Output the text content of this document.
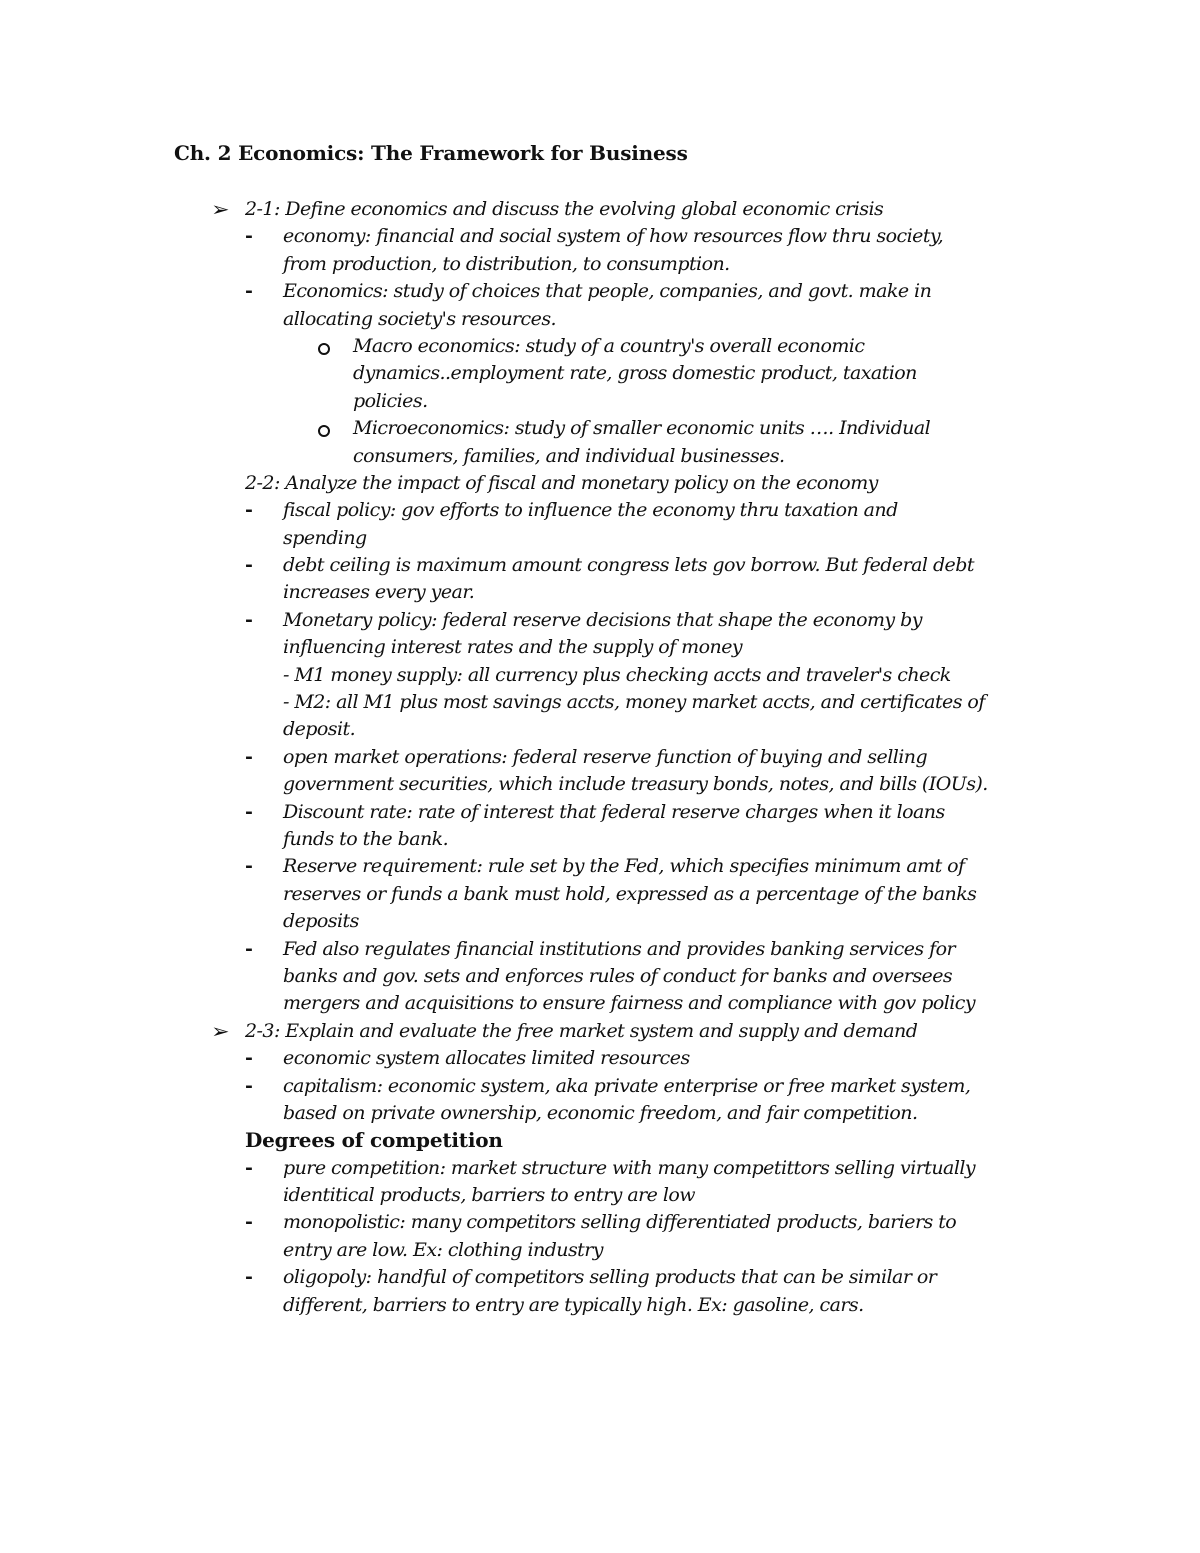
Ch. 2 Economics: The Framework for Business
➢ 2-1: Define economics and discuss the evolving global economic crisis
- economy: financial and social system of how resources flow thru society,
from production, to distribution, to consumption.
- Economics: study of choices that people, companies, and govt. make in
allocating society's resources.
Macro economics: study of a country's overall economic
dynamics..employment rate, gross domestic product, taxation
policies.
Microeconomics: study of smaller economic units …. Individual
consumers, families, and individual businesses.
2-2: Analyze the impact of fiscal and monetary policy on the economy
- fiscal policy: gov efforts to influence the economy thru taxation and
spending
- debt ceiling is maximum amount congress lets gov borrow. But federal debt
increases every year.
- Monetary policy: federal reserve decisions that shape the economy by
influencing interest rates and the supply of money
- M1 money supply: all currency plus checking accts and traveler's check
- M2: all M1 plus most savings accts, money market accts, and certificates of
deposit.
- open market operations: federal reserve function of buying and selling
government securities, which include treasury bonds, notes, and bills (IOUs).
- Discount rate: rate of interest that federal reserve charges when it loans
funds to the bank.
- Reserve requirement: rule set by the Fed, which specifies minimum amt of
reserves or funds a bank must hold, expressed as a percentage of the banks
deposits
- Fed also regulates financial institutions and provides banking services for
banks and gov. sets and enforces rules of conduct for banks and oversees
mergers and acquisitions to ensure fairness and compliance with gov policy
➢ 2-3: Explain and evaluate the free market system and supply and demand
- economic system allocates limited resources
- capitalism: economic system, aka private enterprise or free market system,
based on private ownership, economic freedom, and fair competition.
Degrees of competition
- pure competition: market structure with many competittors selling virtually
identitical products, barriers to entry are low
- monopolistic: many competitors selling differentiated products, bariers to
entry are low. Ex: clothing industry
- oligopoly: handful of competitors selling products that can be similar or
different, barriers to entry are typically high. Ex: gasoline, cars.
